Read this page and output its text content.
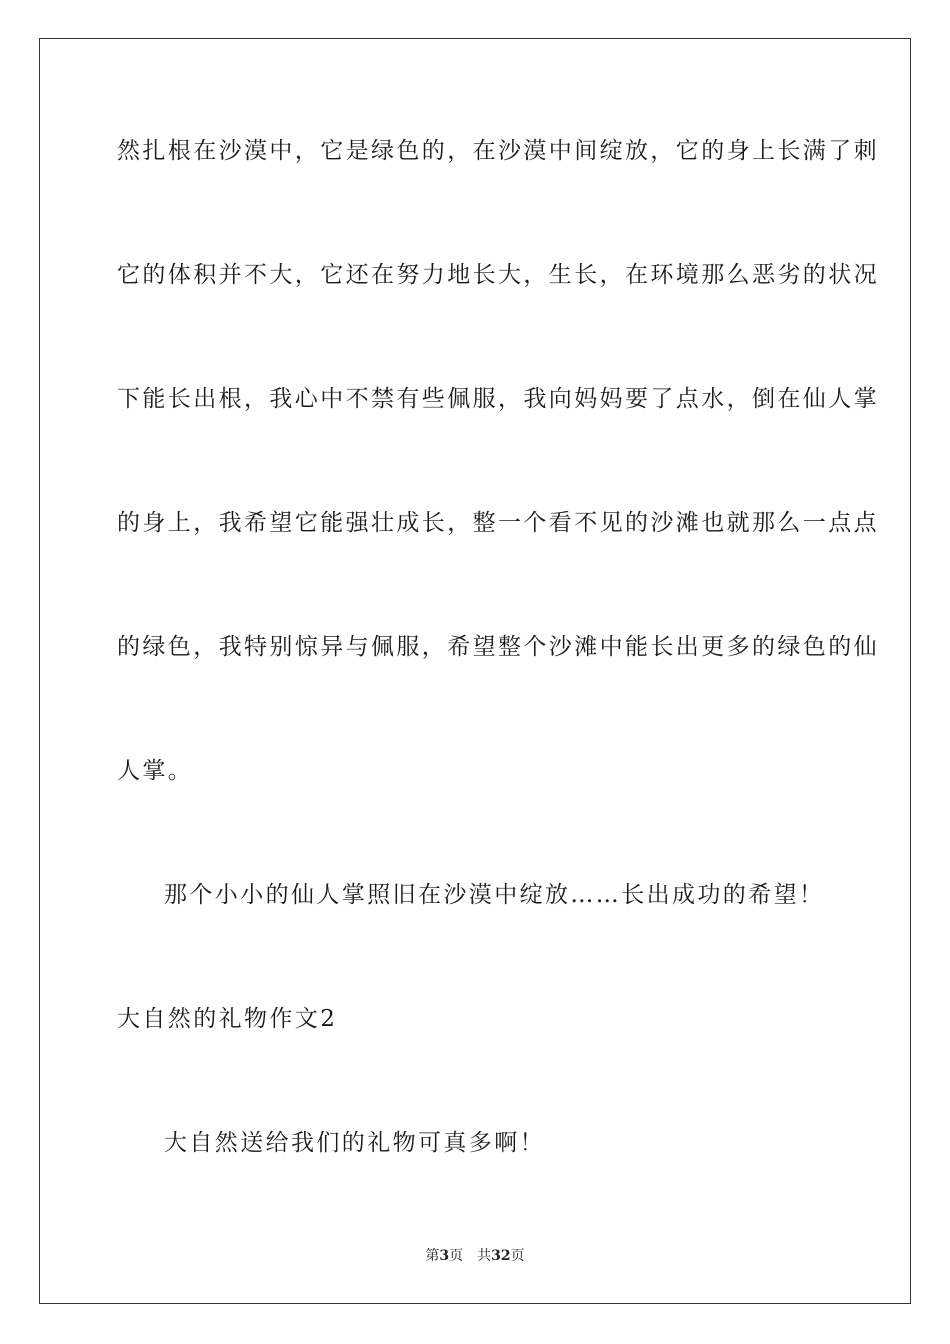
然扎根在沙漠中，它是绿色的，在沙漠中间绽放，它的身上长满了刺
它的体积并不大，它还在努力地长大，生长，在环境那么恶劣的状况
下能长出根，我心中不禁有些佩服，我向妈妈要了点水，倒在仙人掌
的身上，我希望它能强壮成长，整一个看不见的沙滩也就那么一点点
的绿色，我特别惊异与佩服，希望整个沙滩中能长出更多的绿色的仙
人掌。
那个小小的仙人掌照旧在沙漠中绽放……长出成功的希望！
大自然的礼物作文2
大自然送给我们的礼物可真多啊！
第3页 共32页
